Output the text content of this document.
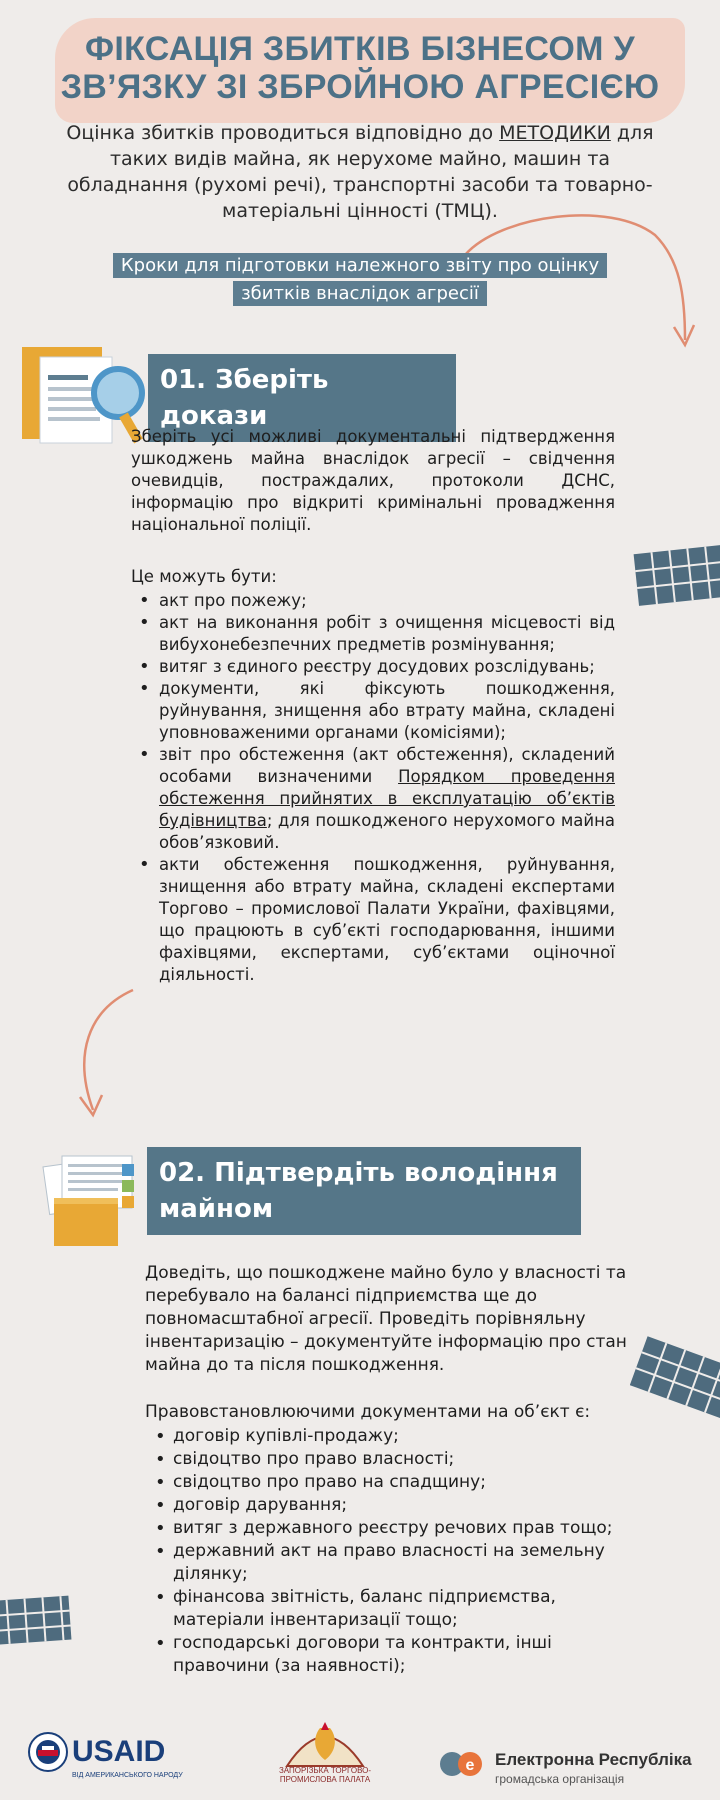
ФІКСАЦІЯ ЗБИТКІВ БІЗНЕСОМ У
ЗВ’ЯЗКУ ЗІ ЗБРОЙНОЮ АГРЕСІЄЮ
Оцінка збитків проводиться відповідно до МЕТОДИКИ для таких видів майна, як нерухоме майно, машин та обладнання (рухомі речі), транспортні засоби та товарно-матеріальні цінності (ТМЦ).
Кроки для підготовки належного звіту про оцінку
збитків внаслідок агресії
01. Зберіть докази
Зберіть усі можливі документальні підтвердження ушкоджень майна внаслідок агресії – свідчення очевидців, постраждалих, протоколи ДСНС, інформацію про відкриті кримінальні провадження національної поліції.
Це можуть бути:
• акт про пожежу;
• акт на виконання робіт з очищення місцевості від вибухонебезпечних предметів розмінування;
• витяг з єдиного реєстру досудових розслідувань;
• документи, які фіксують пошкодження, руйнування, знищення або втрату майна, складені уповноваженими органами (комісіями);
• звіт про обстеження (акт обстеження), складений особами визначеними Порядком проведення обстеження прийнятих в експлуатацію об’єктів будівництва; для пошкодженого нерухомого майна обов’язковий.
• акти обстеження пошкодження, руйнування, знищення або втрату майна, складені експертами Торгово – промислової Палати України, фахівцями, що працюють в суб’єкті господарювання, іншими фахівцями, експертами, суб’єктами оціночної діяльності.
02. Підтвердіть володіння
майном
Доведіть, що пошкоджене майно було у власності та перебувало на балансі підприємства ще до повномасштабної агресії. Проведіть порівняльну інвентаризацію – документуйте інформацію про стан майна до та після пошкодження.
Правовстановлюючими документами на об’єкт є:
• договір купівлі-продажу;
• свідоцтво про право власності;
• свідоцтво про право на спадщину;
• договір дарування;
• витяг з державного реєстру речових прав тощо;
• державний акт на право власності на земельну ділянку;
• фінансова звітність, баланс підприємства, матеріали інвентаризації тощо;
• господарські договори та контракти, інші правочини (за наявності);
USAID
ВІД АМЕРИКАНСЬКОГО НАРОДУ
ЗАПОРІЗЬКА ТОРГОВО-ПРОМИСЛОВА ПАЛАТА
e Електронна Республіка
громадська організація
